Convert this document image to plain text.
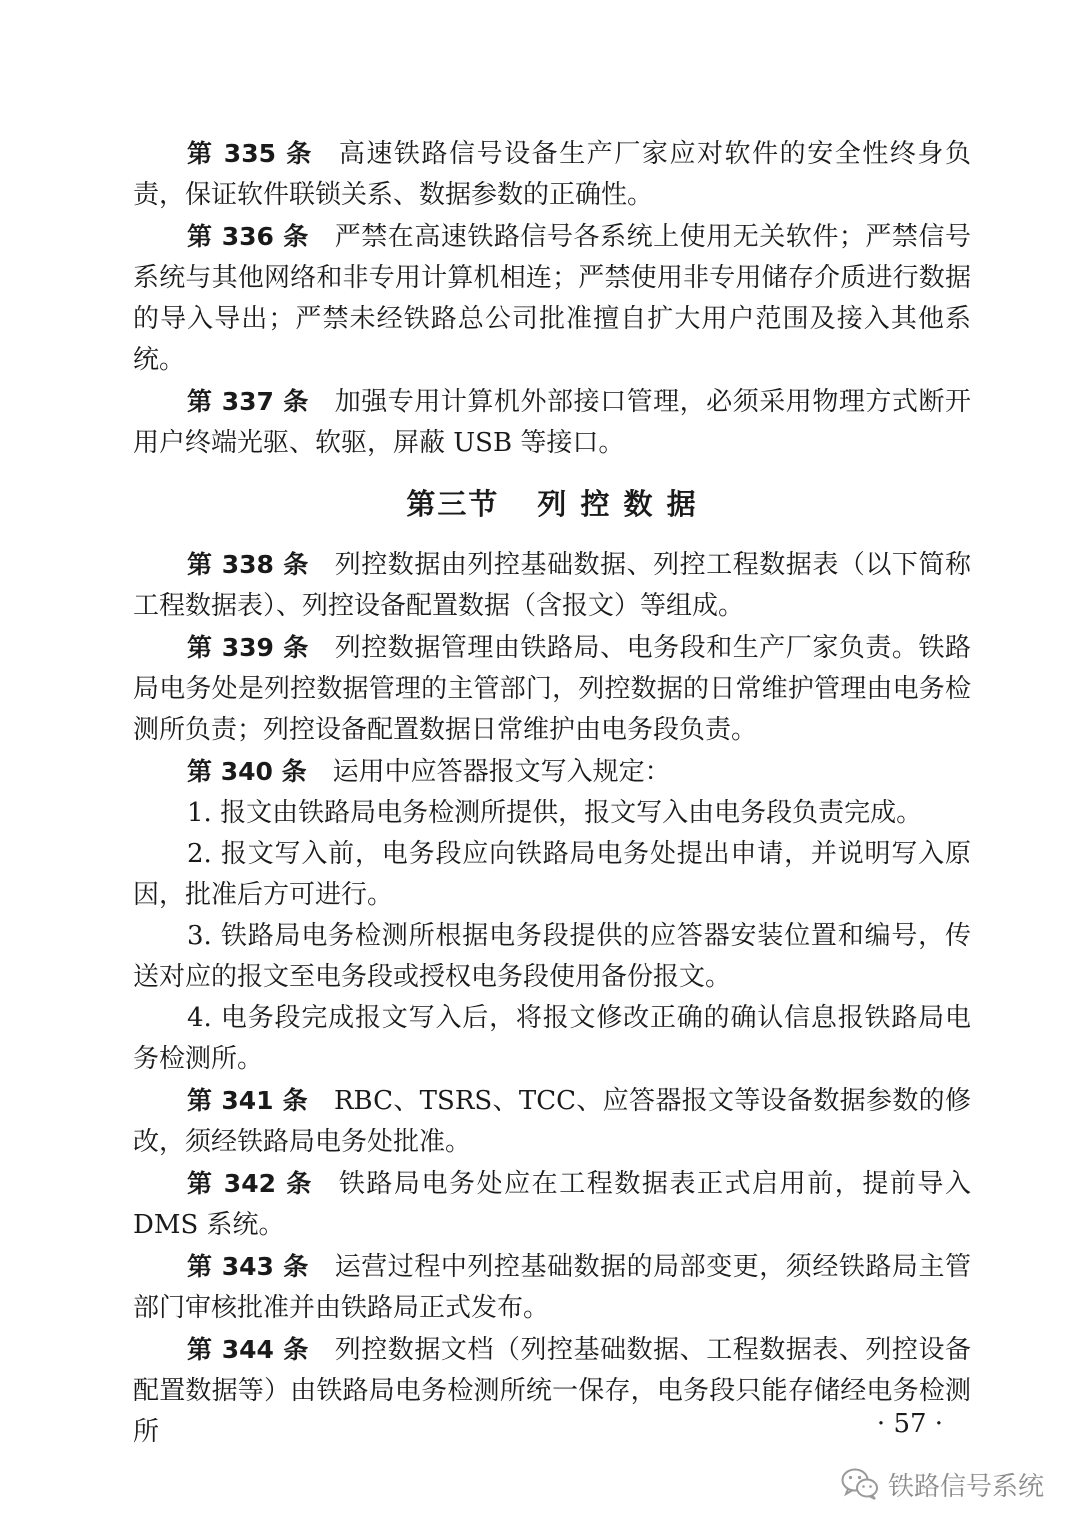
第 335 条 高速铁路信号设备生产厂家应对软件的安全性终身负责，保证软件联锁关系、数据参数的正确性。

第 336 条 严禁在高速铁路信号各系统上使用无关软件；严禁信号系统与其他网络和非专用计算机相连；严禁使用非专用储存介质进行数据的导入导出；严禁未经铁路总公司批准擅自扩大用户范围及接入其他系统。

第 337 条 加强专用计算机外部接口管理，必须采用物理方式断开用户终端光驱、软驱，屏蔽 USB 等接口。

第三节 列 控 数 据

第 338 条 列控数据由列控基础数据、列控工程数据表（以下简称工程数据表）、列控设备配置数据（含报文）等组成。

第 339 条 列控数据管理由铁路局、电务段和生产厂家负责。铁路局电务处是列控数据管理的主管部门，列控数据的日常维护管理由电务检测所负责；列控设备配置数据日常维护由电务段负责。

第 340 条 运用中应答器报文写入规定：

1. 报文由铁路局电务检测所提供，报文写入由电务段负责完成。

2. 报文写入前，电务段应向铁路局电务处提出申请，并说明写入原因，批准后方可进行。

3. 铁路局电务检测所根据电务段提供的应答器安装位置和编号，传送对应的报文至电务段或授权电务段使用备份报文。

4. 电务段完成报文写入后，将报文修改正确的确认信息报铁路局电务检测所。

第 341 条 RBC、TSRS、TCC、应答器报文等设备数据参数的修改，须经铁路局电务处批准。

第 342 条 铁路局电务处应在工程数据表正式启用前，提前导入 DMS 系统。

第 343 条 运营过程中列控基础数据的局部变更，须经铁路局主管部门审核批准并由铁路局正式发布。

第 344 条 列控数据文档（列控基础数据、工程数据表、列控设备配置数据等）由铁路局电务检测所统一保存，电务段只能存储经电务检测所	· 57 ·
铁路信号系统
